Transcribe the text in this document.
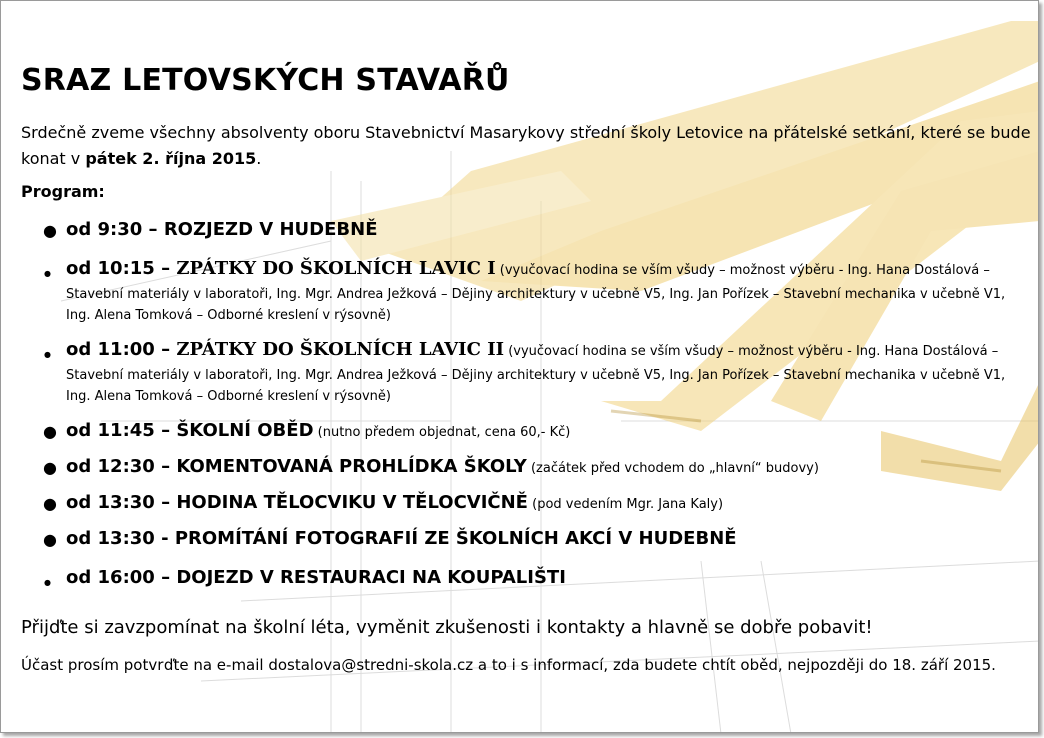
SRAZ LETOVSKÝCH STAVAŘŮ

Srdečně zveme všechny absolventy oboru Stavebnictví Masarykovy střední školy Letovice na přátelské setkání, které se bude konat v pátek 2. října 2015.

Program:

● od 9:30 – ROZJEZD V HUDEBNĚ
● od 10:15 – ZPÁTKY DO ŠKOLNÍCH LAVIC I (vyučovací hodina se vším všudy – možnost výběru - Ing. Hana Dostálová – Stavební materiály v laboratoři, Ing. Mgr. Andrea Ježková – Dějiny architektury v učebně V5, Ing. Jan Pořízek – Stavební mechanika v učebně V1, Ing. Alena Tomková – Odborné kreslení v rýsovně)
● od 11:00 – ZPÁTKY DO ŠKOLNÍCH LAVIC II (vyučovací hodina se vším všudy – možnost výběru - Ing. Hana Dostálová – Stavební materiály v laboratoři, Ing. Mgr. Andrea Ježková – Dějiny architektury v učebně V5, Ing. Jan Pořízek – Stavební mechanika v učebně V1, Ing. Alena Tomková – Odborné kreslení v rýsovně)
● od 11:45 – ŠKOLNÍ OBĚD (nutno předem objednat, cena 60,- Kč)
● od 12:30 – KOMENTOVANÁ PROHLÍDKA ŠKOLY (začátek před vchodem do „hlavní“ budovy)
● od 13:30 – HODINA TĚLOCVIKU V TĚLOCVIČNĚ (pod vedením Mgr. Jana Kaly)
● od 13:30 - PROMÍTÁNÍ FOTOGRAFIÍ ZE ŠKOLNÍCH AKCÍ V HUDEBNĚ
● od 16:00 – DOJEZD V RESTAURACI NA KOUPALIŠTI

Přijďte si zavzpomínat na školní léta, vyměnit zkušenosti i kontakty a hlavně se dobře pobavit!

Účast prosím potvrďte na e-mail dostalova@stredni-skola.cz a to i s informací, zda budete chtít oběd, nejpozději do 18. září 2015.
